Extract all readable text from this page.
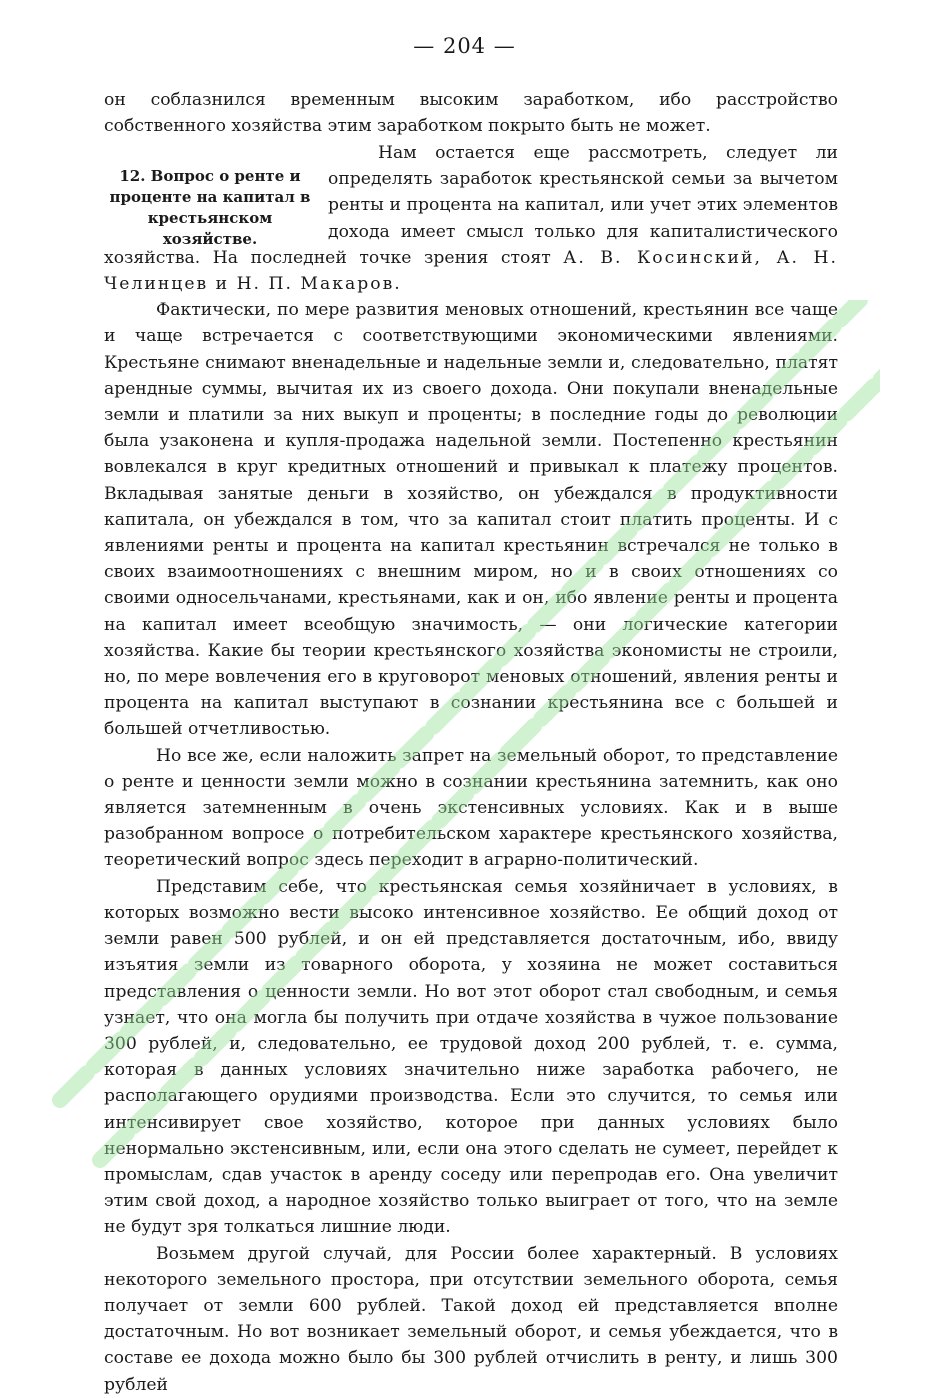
— 204 —

он соблазнился временным высоким заработком, ибо расстройство собственного хозяйства этим заработком покрыто быть не может.

12. Вопрос о ренте и проценте на капитал в крестьянском хозяйстве.

Нам остается еще рассмотреть, следует ли определять заработок крестьянской семьи за вычетом ренты и процента на капитал, или учет этих элементов дохода имеет смысл только для капиталистического хозяйства. На последней точке зрения стоят А. В. Косинский, А. Н. Челинцев и Н. П. Макаров.

Фактически, по мере развития меновых отношений, крестьянин все чаще и чаще встречается с соответствующими экономическими явлениями. Крестьяне снимают вненадельные и надельные земли и, следовательно, платят арендные суммы, вычитая их из своего дохода. Они покупали вненадельные земли и платили за них выкуп и проценты; в последние годы до революции была узаконена и купля-продажа надельной земли. Постепенно крестьянин вовлекался в круг кредитных отношений и привыкал к платежу процентов. Вкладывая занятые деньги в хозяйство, он убеждался в продуктивности капитала, он убеждался в том, что за капитал стоит платить проценты. И с явлениями ренты и процента на капитал крестьянин встречался не только в своих взаимоотношениях с внешним миром, но и в своих отношениях со своими односельчанами, крестьянами, как и он, ибо явление ренты и процента на капитал имеет всеобщую значимость, — они логические категории хозяйства. Какие бы теории крестьянского хозяйства экономисты не строили, но, по мере вовлечения его в круговорот меновых отношений, явления ренты и процента на капитал выступают в сознании крестьянина все с большей и большей отчетливостью.

Но все же, если наложить запрет на земельный оборот, то представление о ренте и ценности земли можно в сознании крестьянина затемнить, как оно является затемненным в очень экстенсивных условиях. Как и в выше разобранном вопросе о потребительском характере крестьянского хозяйства, теоретический вопрос здесь переходит в аграрно-политический.

Представим себе, что крестьянская семья хозяйничает в условиях, в которых возможно вести высоко интенсивное хозяйство. Ее общий доход от земли равен 500 рублей, и он ей представляется достаточным, ибо, ввиду изъятия земли из товарного оборота, у хозяина не может составиться представления о ценности земли. Но вот этот оборот стал свободным, и семья узнает, что она могла бы получить при отдаче хозяйства в чужое пользование 300 рублей, и, следовательно, ее трудовой доход 200 рублей, т. е. сумма, которая в данных условиях значительно ниже заработка рабочего, не располагающего орудиями производства. Если это случится, то семья или интенсивирует свое хозяйство, которое при данных условиях было ненормально экстенсивным, или, если она этого сделать не сумеет, перейдет к промыслам, сдав участок в аренду соседу или перепродав его. Она увеличит этим свой доход, а народное хозяйство только выиграет от того, что на земле не будут зря толкаться лишние люди.

Возьмем другой случай, для России более характерный. В условиях некоторого земельного простора, при отсутствии земельного оборота, семья получает от земли 600 рублей. Такой доход ей представляется вполне достаточным. Но вот возникает земельный оборот, и семья убеждается, что в составе ее дохода можно было бы 300 рублей отчислить в ренту, и лишь 300 рублей
